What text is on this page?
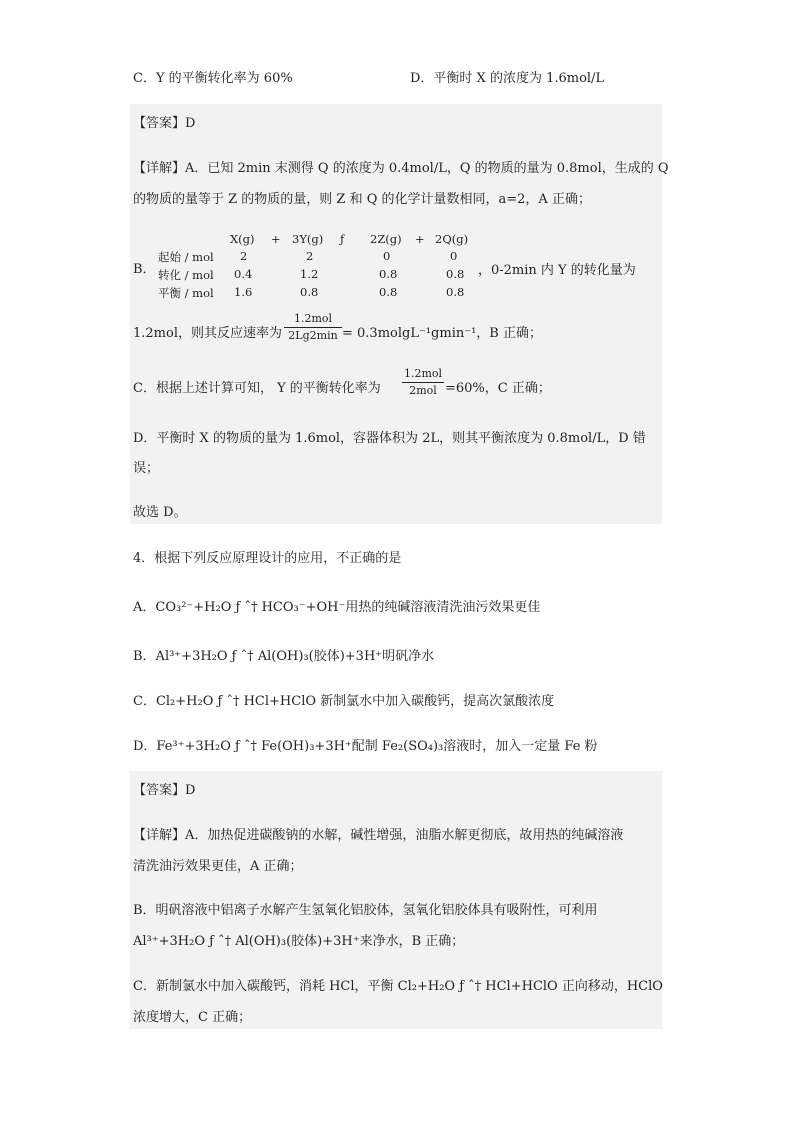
C．Y 的平衡转化率为 60%	D．平衡时 X 的浓度为 1.6mol/L
【答案】D
【详解】A．已知 2min 末测得 Q 的浓度为 0.4mol/L，Q 的物质的量为 0.8mol，生成的 Q
的物质的量等于 Z 的物质的量，则 Z 和 Q 的化学计量数相同，a=2，A 正确；
B．
X(g) + 3Y(g) ƒ 2Z(g) + 2Q(g)
起始 / mol 2	2	0	0
转化 / mol 0.4	1.2	0.8	0.8
平衡 / mol 1.6	0.8	0.8	0.8
，0-2min 内 Y 的转化量为
1.2mol，则其反应速率为
1.2mol
2Lg2min = 0.3molgL⁻¹gmin⁻¹，B 正确；
C．根据上述计算可知， Y 的平衡转化率为
1.2mol
2mol =60%，C 正确；
D．平衡时 X 的物质的量为 1.6mol，容器体积为 2L，则其平衡浓度为 0.8mol/L，D 错
误；
故选 D。
4．根据下列反应原理设计的应用，不正确的是
A．CO₃²⁻+H₂O ƒ ˆ† HCO₃⁻+OH⁻用热的纯碱溶液清洗油污效果更佳
B．Al³⁺+3H₂O ƒ ˆ† Al(OH)₃(胶体)+3H⁺明矾净水
C．Cl₂+H₂O ƒ ˆ† HCl+HClO 新制氯水中加入碳酸钙，提高次氯酸浓度
D．Fe³⁺+3H₂O ƒ ˆ† Fe(OH)₃+3H⁺配制 Fe₂(SO₄)₃溶液时，加入一定量 Fe 粉
【答案】D
【详解】A．加热促进碳酸钠的水解，碱性增强，油脂水解更彻底，故用热的纯碱溶液
清洗油污效果更佳，A 正确；
B．明矾溶液中铝离子水解产生氢氧化铝胶体，氢氧化铝胶体具有吸附性，可利用
Al³⁺+3H₂O ƒ ˆ† Al(OH)₃(胶体)+3H⁺来净水，B 正确；
C．新制氯水中加入碳酸钙，消耗 HCl，平衡 Cl₂+H₂O ƒ ˆ† HCl+HClO 正向移动，HClO
浓度增大，C 正确；
